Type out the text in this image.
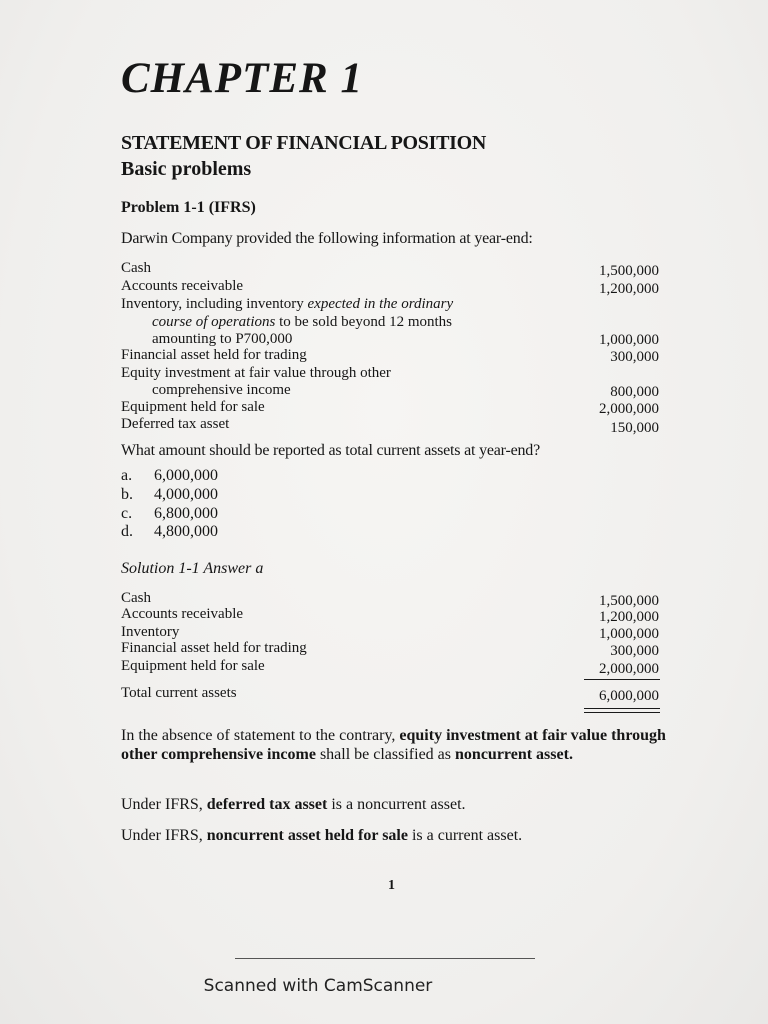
CHAPTER 1
STATEMENT OF FINANCIAL POSITION
Basic problems
Problem 1-1 (IFRS)
Darwin Company provided the following information at year-end:
Cash	1,500,000
Accounts receivable	1,200,000
Inventory, including inventory expected in the ordinary
course of operations to be sold beyond 12 months
amounting to P700,000	1,000,000
Financial asset held for trading	300,000
Equity investment at fair value through other
comprehensive income	800,000
Equipment held for sale	2,000,000
Deferred tax asset	150,000
What amount should be reported as total current assets at year-end?
a. 6,000,000
b. 4,000,000
c. 6,800,000
d. 4,800,000
Solution 1-1 Answer a
Cash	1,500,000
Accounts receivable	1,200,000
Inventory	1,000,000
Financial asset held for trading	300,000
Equipment held for sale	2,000,000
Total current assets	6,000,000
In the absence of statement to the contrary, equity investment at fair value through other comprehensive income shall be classified as noncurrent asset.
Under IFRS, deferred tax asset is a noncurrent asset.
Under IFRS, noncurrent asset held for sale is a current asset.
1
Scanned with CamScanner
